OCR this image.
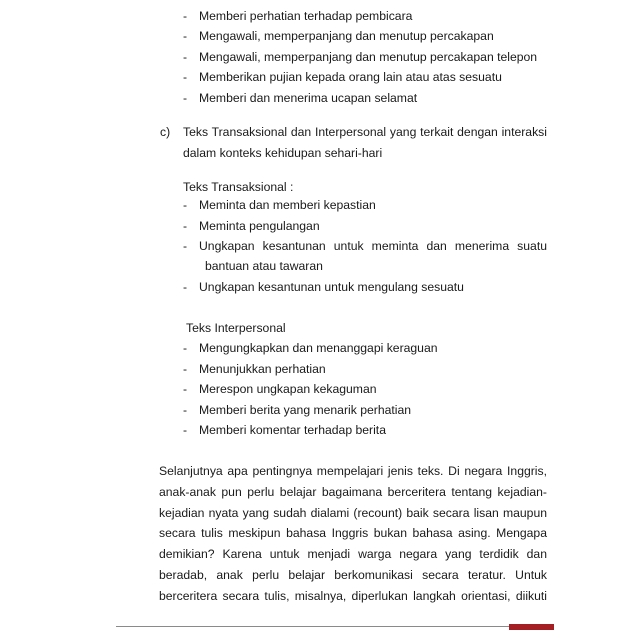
- Memberi perhatian terhadap pembicara
- Mengawali, memperpanjang dan menutup percakapan
- Mengawali, memperpanjang dan menutup percakapan telepon
- Memberikan pujian kepada orang lain atau atas sesuatu
- Memberi dan menerima ucapan selamat
c)	Teks Transaksional dan Interpersonal yang terkait dengan interaksi
dalam konteks kehidupan sehari-hari
Teks Transaksional :
- Meminta dan memberi kepastian
- Meminta pengulangan
- Ungkapan kesantunan untuk meminta dan menerima suatu
bantuan atau tawaran
- Ungkapan kesantunan untuk mengulang sesuatu
Teks Interpersonal
- Mengungkapkan dan menanggapi keraguan
- Menunjukkan perhatian
- Merespon ungkapan kekaguman
- Memberi berita yang menarik perhatian
- Memberi komentar terhadap berita
Selanjutnya apa pentingnya mempelajari jenis teks. Di negara Inggris,
anak-anak pun perlu belajar bagaimana berceritera tentang kejadian-
kejadian nyata yang sudah dialami (recount) baik secara lisan maupun
secara tulis meskipun bahasa Inggris bukan bahasa asing. Mengapa
demikian? Karena untuk menjadi warga negara yang terdidik dan
beradab, anak perlu belajar berkomunikasi secara teratur. Untuk
berceritera secara tulis, misalnya, diperlukan langkah orientasi, diikuti
